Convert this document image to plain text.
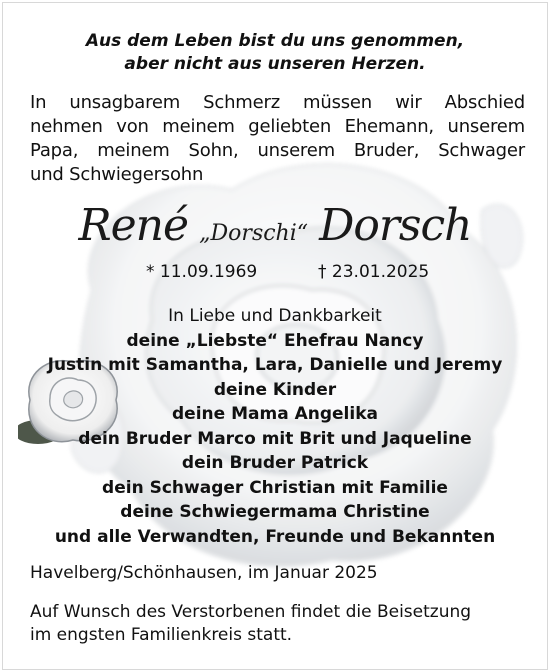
Aus dem Leben bist du uns genommen,
aber nicht aus unseren Herzen.
In unsagbarem Schmerz müssen wir Abschied
nehmen von meinem geliebten Ehemann, unserem
Papa, meinem Sohn, unserem Bruder, Schwager
und Schwiegersohn
René „Dorschi“ Dorsch
* 11.09.1969	† 23.01.2025
In Liebe und Dankbarkeit
deine „Liebste“ Ehefrau Nancy
Justin mit Samantha, Lara, Danielle und Jeremy
deine Kinder
deine Mama Angelika
dein Bruder Marco mit Brit und Jaqueline
dein Bruder Patrick
dein Schwager Christian mit Familie
deine Schwiegermama Christine
und alle Verwandten, Freunde und Bekannten
Havelberg/Schönhausen, im Januar 2025
Auf Wunsch des Verstorbenen findet die Beisetzung
im engsten Familienkreis statt.
